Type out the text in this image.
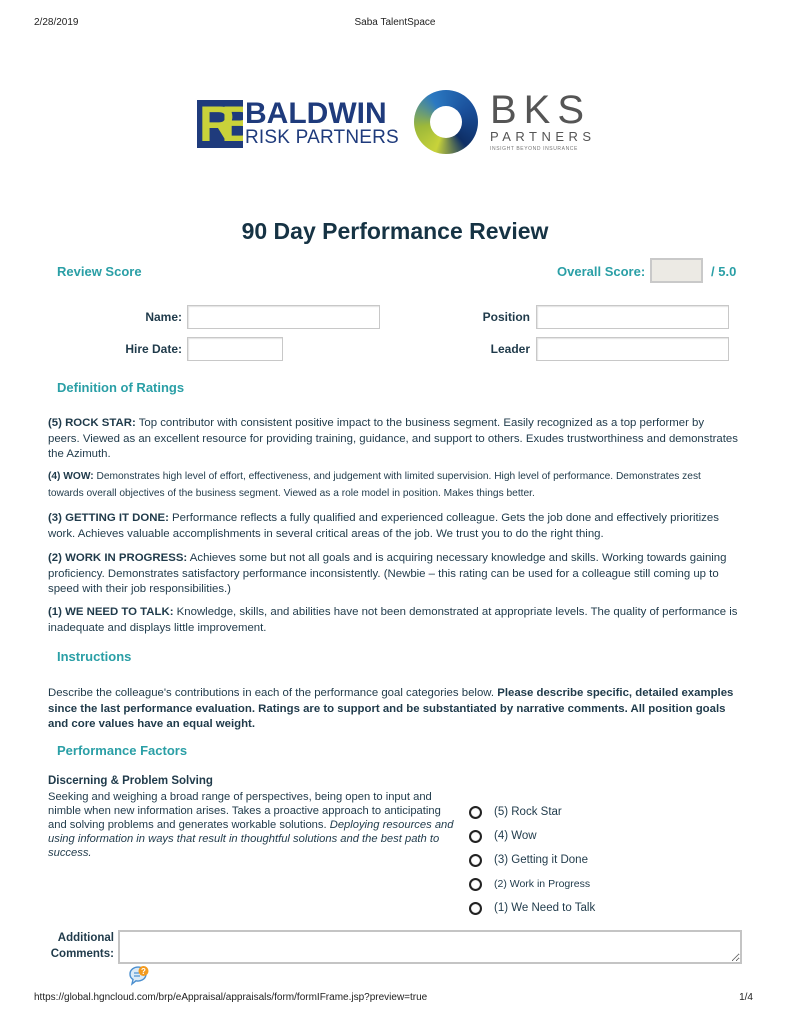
2/28/2019	Saba TalentSpace
RB BALDWIN
RISK PARTNERS
BKS
PARTNERS
INSIGHT BEYOND INSURANCE
90 Day Performance Review
Review Score	Overall Score:	/ 5.0
Name:	Position
Hire Date:	Leader
Definition of Ratings
(5) ROCK STAR: Top contributor with consistent positive impact to the business segment. Easily recognized as a top performer by peers. Viewed as an excellent resource for providing training, guidance, and support to others. Exudes trustworthiness and demonstrates the Azimuth.
(4) WOW: Demonstrates high level of effort, effectiveness, and judgement with limited supervision. High level of performance. Demonstrates zest towards overall objectives of the business segment. Viewed as a role model in position. Makes things better.
(3) GETTING IT DONE: Performance reflects a fully qualified and experienced colleague. Gets the job done and effectively prioritizes work. Achieves valuable accomplishments in several critical areas of the job. We trust you to do the right thing.
(2) WORK IN PROGRESS: Achieves some but not all goals and is acquiring necessary knowledge and skills. Working towards gaining proficiency. Demonstrates satisfactory performance inconsistently. (Newbie – this rating can be used for a colleague still coming up to speed with their job responsibilities.)
(1) WE NEED TO TALK: Knowledge, skills, and abilities have not been demonstrated at appropriate levels. The quality of performance is inadequate and displays little improvement.
Instructions
Describe the colleague's contributions in each of the performance goal categories below. Please describe specific, detailed examples since the last performance evaluation. Ratings are to support and be substantiated by narrative comments. All position goals and core values have an equal weight.
Performance Factors
Discerning & Problem Solving
Seeking and weighing a broad range of perspectives, being open to input and nimble when new information arises. Takes a proactive approach to anticipating and solving problems and generates workable solutions. Deploying resources and using information in ways that result in thoughtful solutions and the best path to success.
(5) Rock Star
(4) Wow
(3) Getting it Done
(2) Work in Progress
(1) We Need to Talk
Additional
Comments:
?
https://global.hgncloud.com/brp/eAppraisal/appraisals/form/formIFrame.jsp?preview=true	1/4
